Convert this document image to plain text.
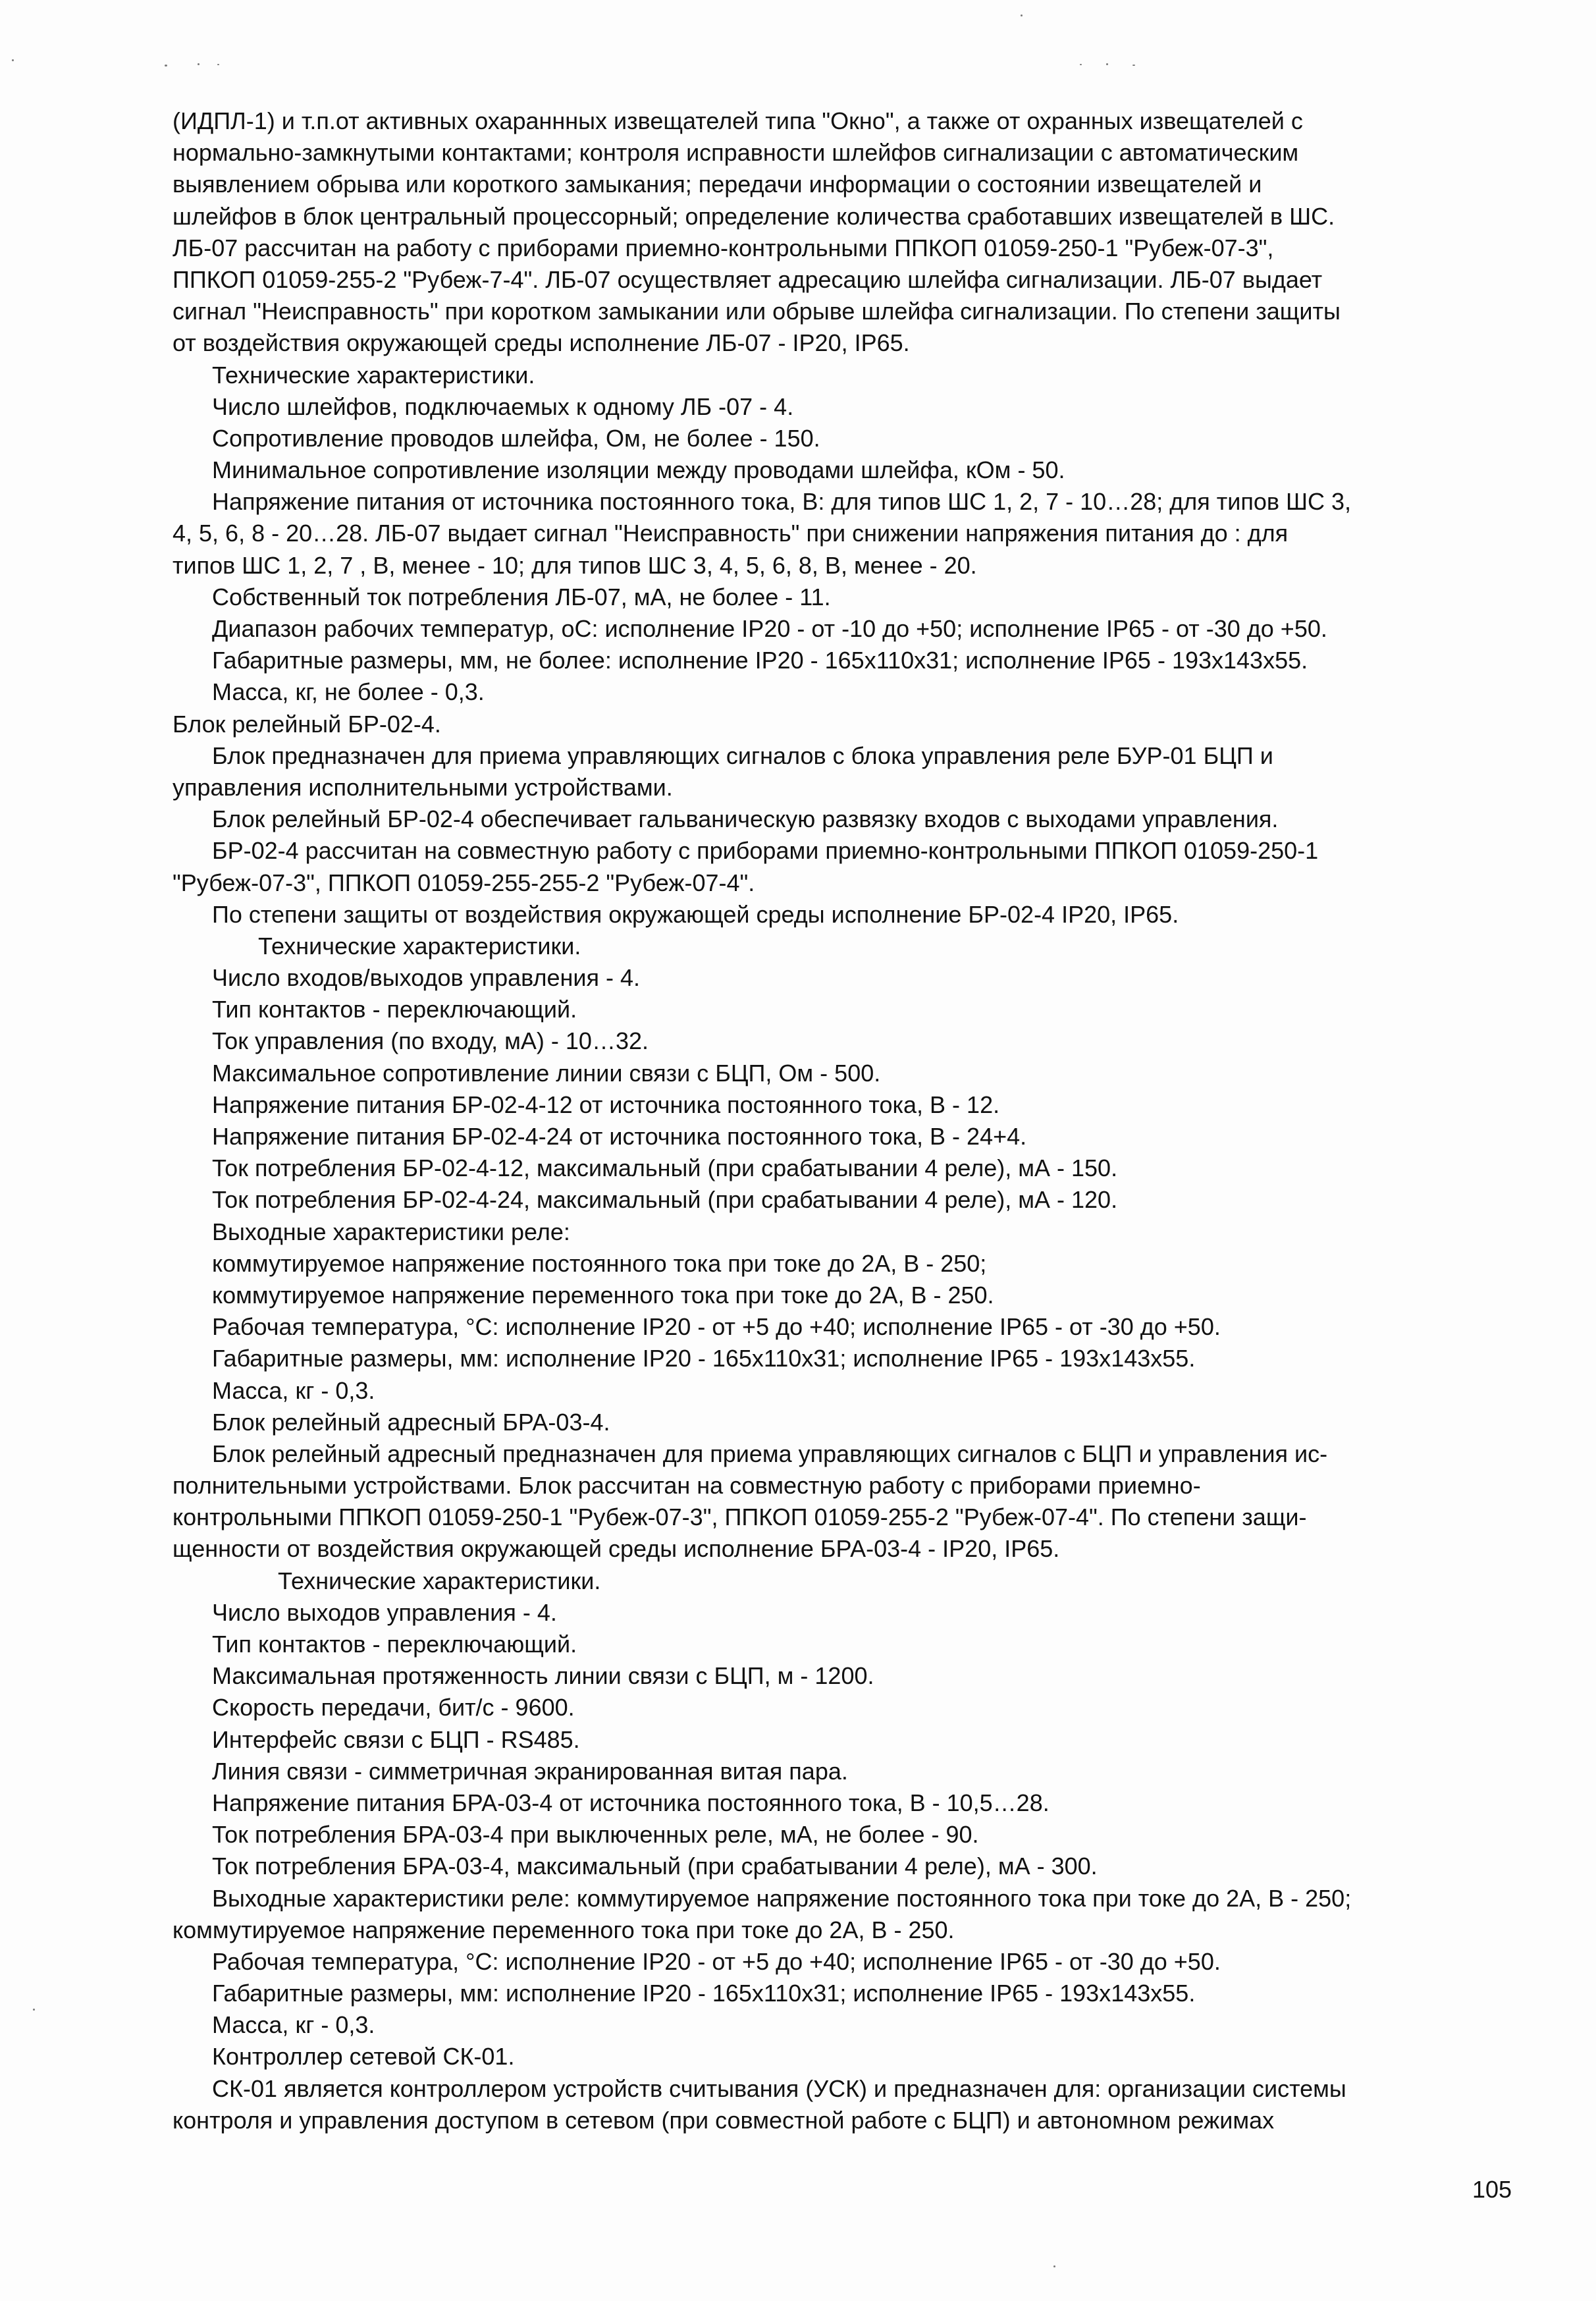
(ИДПЛ-1) и т.п.от активных охараннных извещателей типа "Окно", а также от охранных извещателей с
нормально-замкнутыми контактами; контроля исправности шлейфов сигнализации с автоматическим
выявлением обрыва или короткого замыкания; передачи информации о состоянии извещателей и
шлейфов в блок центральный процессорный; определение количества сработавших извещателей в ШС.
ЛБ-07 рассчитан на работу с приборами приемно-контрольными ППКОП 01059-250-1 "Рубеж-07-3",
ППКОП 01059-255-2 "Рубеж-7-4". ЛБ-07 осуществляет адресацию шлейфа сигнализации. ЛБ-07 выдает
сигнал "Неисправность" при коротком замыкании или обрыве шлейфа сигнализации. По степени защиты
от воздействия окружающей среды исполнение ЛБ-07 - IP20, IP65.
Технические характеристики.
Число шлейфов, подключаемых к одному ЛБ -07 - 4.
Сопротивление проводов шлейфа, Ом, не более - 150.
Минимальное сопротивление изоляции между проводами шлейфа, кОм - 50.
Напряжение питания от источника постоянного тока, В: для типов ШС 1, 2, 7 - 10…28; для типов ШС 3,
4, 5, 6, 8 - 20…28. ЛБ-07 выдает сигнал "Неисправность" при снижении напряжения питания до : для
типов ШС 1, 2, 7 , В, менее - 10; для типов ШС 3, 4, 5, 6, 8, В, менее - 20.
Собственный ток потребления ЛБ-07, мА, не более - 11.
Диапазон рабочих температур, оС: исполнение IP20 - от -10 до +50; исполнение IP65 - от -30 до +50.
Габаритные размеры, мм, не более: исполнение IP20 - 165х110х31; исполнение IP65 - 193х143х55.
Масса, кг, не более - 0,3.
Блок релейный БР-02-4.
Блок предназначен для приема управляющих сигналов с блока управления реле БУР-01 БЦП и
управления исполнительными устройствами.
Блок релейный БР-02-4 обеспечивает гальваническую развязку входов с выходами управления.
БР-02-4 рассчитан на совместную работу с приборами приемно-контрольными ППКОП 01059-250-1
"Рубеж-07-3", ППКОП 01059-255-255-2 "Рубеж-07-4".
По степени защиты от воздействия окружающей среды исполнение БР-02-4 IP20, IP65.
Технические характеристики.
Число входов/выходов управления - 4.
Тип контактов - переключающий.
Ток управления (по входу, мА) - 10…32.
Максимальное сопротивление линии связи с БЦП, Ом - 500.
Напряжение питания БР-02-4-12 от источника постоянного тока, В - 12.
Напряжение питания БР-02-4-24 от источника постоянного тока, В - 24+4.
Ток потребления БР-02-4-12, максимальный (при срабатывании 4 реле), мА - 150.
Ток потребления БР-02-4-24, максимальный (при срабатывании 4 реле), мА - 120.
Выходные характеристики реле:
коммутируемое напряжение постоянного тока при токе до 2А, В - 250;
коммутируемое напряжение переменного тока при токе до 2А, В - 250.
Рабочая температура, °С: исполнение IP20 - от +5 до +40; исполнение IP65 - от -30 до +50.
Габаритные размеры, мм: исполнение IP20 - 165х110х31; исполнение IP65 - 193х143х55.
Масса, кг - 0,3.
Блок релейный адресный БРА-03-4.
Блок релейный адресный предназначен для приема управляющих сигналов с БЦП и управления ис-
полнительными устройствами. Блок рассчитан на совместную работу с приборами приемно-
контрольными ППКОП 01059-250-1 "Рубеж-07-3", ППКОП 01059-255-2 "Рубеж-07-4". По степени защи-
щенности от воздействия окружающей среды исполнение БРА-03-4 - IP20, IP65.
Технические характеристики.
Число выходов управления - 4.
Тип контактов - переключающий.
Максимальная протяженность линии связи с БЦП, м - 1200.
Скорость передачи, бит/с - 9600.
Интерфейс связи с БЦП - RS485.
Линия связи - симметричная экранированная витая пара.
Напряжение питания БРА-03-4 от источника постоянного тока, В - 10,5…28.
Ток потребления БРА-03-4 при выключенных реле, мА, не более - 90.
Ток потребления БРА-03-4, максимальный (при срабатывании 4 реле), мА - 300.
Выходные характеристики реле: коммутируемое напряжение постоянного тока при токе до 2А, В - 250;
коммутируемое напряжение переменного тока при токе до 2А, В - 250.
Рабочая температура, °С: исполнение IP20 - от +5 до +40; исполнение IP65 - от -30 до +50.
Габаритные размеры, мм: исполнение IP20 - 165х110х31; исполнение IP65 - 193х143х55.
Масса, кг - 0,3.
Контроллер сетевой СК-01.
СК-01 является контроллером устройств считывания (УСК) и предназначен для: организации системы
контроля и управления доступом в сетевом (при совместной работе с БЦП) и автономном режимах
105
